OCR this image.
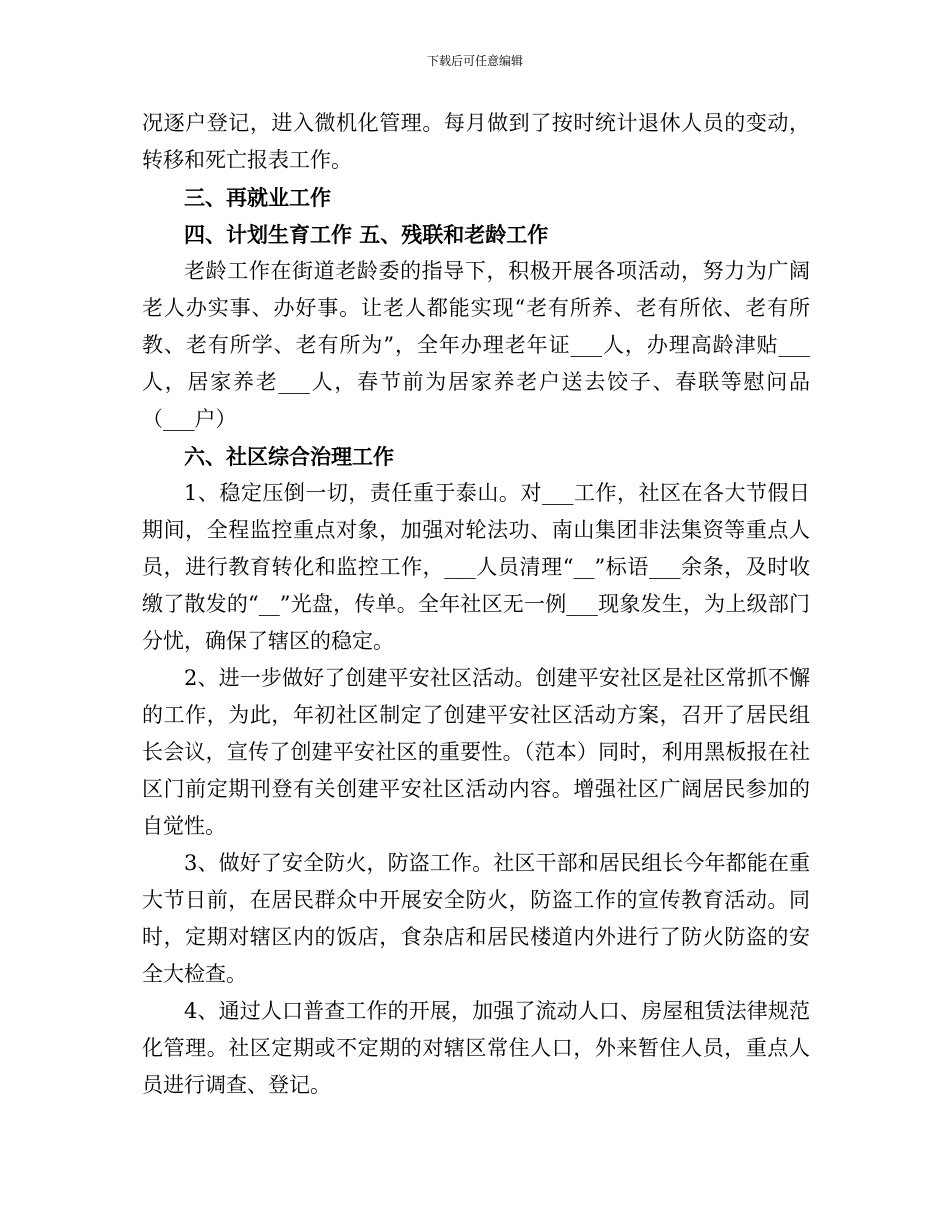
下载后可任意编辑

况逐户登记，进入微机化管理。每月做到了按时统计退休人员的变动，转移和死亡报表工作。

三、再就业工作

四、计划生育工作 五、残联和老龄工作

老龄工作在街道老龄委的指导下，积极开展各项活动，努力为广阔老人办实事、办好事。让老人都能实现“老有所养、老有所依、老有所教、老有所学、老有所为”，全年办理老年证___人，办理高龄津贴___人，居家养老___人，春节前为居家养老户送去饺子、春联等慰问品（___户）

六、社区综合治理工作

1、稳定压倒一切，责任重于泰山。对___工作，社区在各大节假日期间，全程监控重点对象，加强对轮法功、南山集团非法集资等重点人员，进行教育转化和监控工作，___人员清理“__”标语___余条，及时收缴了散发的“__”光盘，传单。全年社区无一例___现象发生，为上级部门分忧，确保了辖区的稳定。

2、进一步做好了创建平安社区活动。创建平安社区是社区常抓不懈的工作，为此，年初社区制定了创建平安社区活动方案，召开了居民组长会议，宣传了创建平安社区的重要性。（范本）同时，利用黑板报在社区门前定期刊登有关创建平安社区活动内容。增强社区广阔居民参加的自觉性。

3、做好了安全防火，防盗工作。社区干部和居民组长今年都能在重大节日前，在居民群众中开展安全防火，防盗工作的宣传教育活动。同时，定期对辖区内的饭店，食杂店和居民楼道内外进行了防火防盗的安全大检查。

4、通过人口普查工作的开展，加强了流动人口、房屋租赁法律规范化管理。社区定期或不定期的对辖区常住人口，外来暂住人员，重点人员进行调查、登记。
